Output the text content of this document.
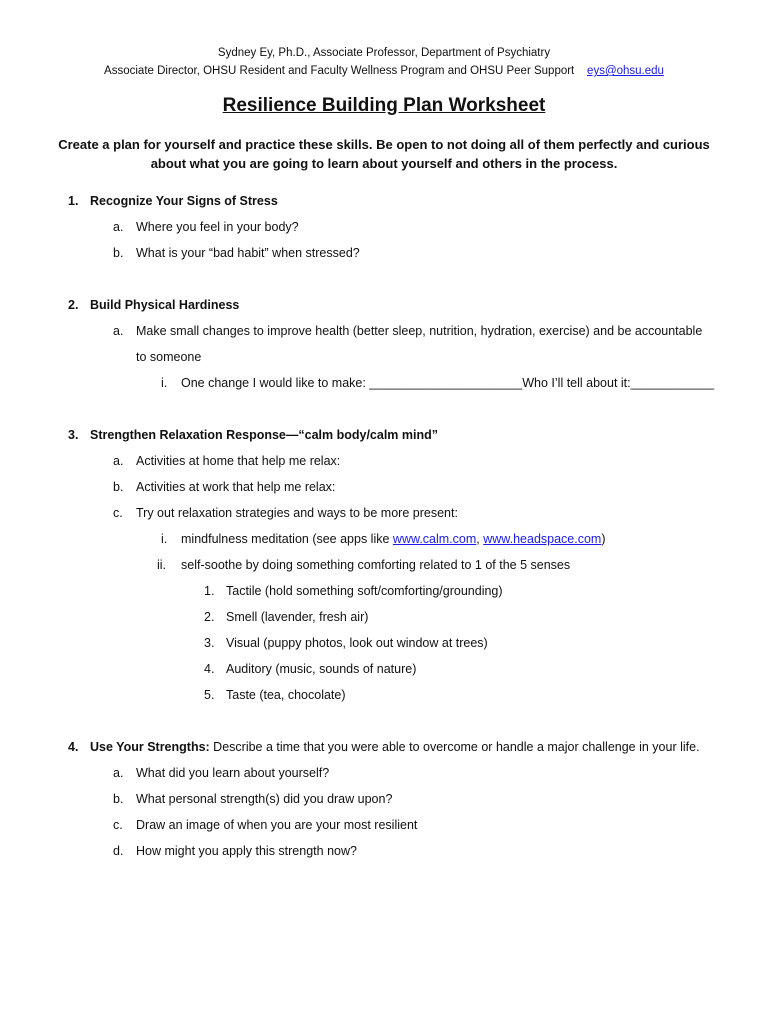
Sydney Ey, Ph.D., Associate Professor, Department of Psychiatry
Associate Director, OHSU Resident and Faculty Wellness Program and OHSU Peer Support eys@ohsu.edu
Resilience Building Plan Worksheet
Create a plan for yourself and practice these skills. Be open to not doing all of them perfectly and curious
about what you are going to learn about yourself and others in the process.
1. Recognize Your Signs of Stress
a. Where you feel in your body?
b. What is your “bad habit” when stressed?
2. Build Physical Hardiness
a. Make small changes to improve health (better sleep, nutrition, hydration, exercise) and be accountable
to someone
i. One change I would like to make: ______________________Who I’ll tell about it:____________
3. Strengthen Relaxation Response—“calm body/calm mind”
a. Activities at home that help me relax:
b. Activities at work that help me relax:
c. Try out relaxation strategies and ways to be more present:
i. mindfulness meditation (see apps like www.calm.com, www.headspace.com)
ii. self-soothe by doing something comforting related to 1 of the 5 senses
1. Tactile (hold something soft/comforting/grounding)
2. Smell (lavender, fresh air)
3. Visual (puppy photos, look out window at trees)
4. Auditory (music, sounds of nature)
5. Taste (tea, chocolate)
4. Use Your Strengths: Describe a time that you were able to overcome or handle a major challenge in your life.
a. What did you learn about yourself?
b. What personal strength(s) did you draw upon?
c. Draw an image of when you are your most resilient
d. How might you apply this strength now?
